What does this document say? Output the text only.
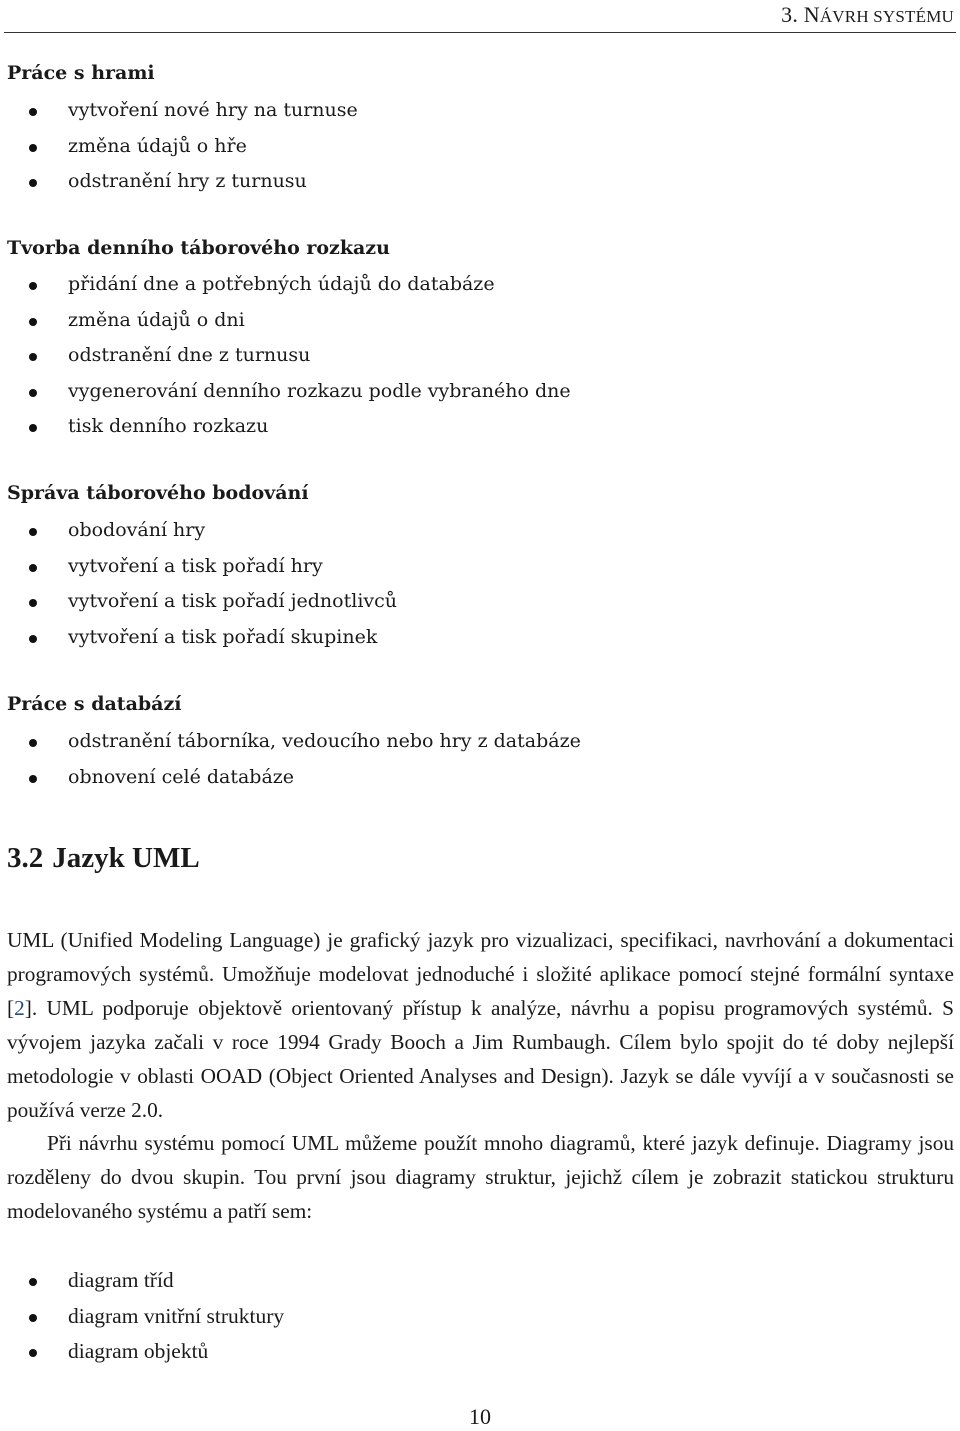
3. NÁVRH SYSTÉMU
Práce s hrami
vytvoření nové hry na turnuse
změna údajů o hře
odstranění hry z turnusu
Tvorba denního táborového rozkazu
přidání dne a potřebných údajů do databáze
změna údajů o dni
odstranění dne z turnusu
vygenerování denního rozkazu podle vybraného dne
tisk denního rozkazu
Správa táborového bodování
obodování hry
vytvoření a tisk pořadí hry
vytvoření a tisk pořadí jednotlivců
vytvoření a tisk pořadí skupinek
Práce s databází
odstranění táborníka, vedoucího nebo hry z databáze
obnovení celé databáze
3.2 Jazyk UML
UML (Unified Modeling Language) je grafický jazyk pro vizualizaci, specifikaci, navrhování a dokumentaci programových systémů. Umožňuje modelovat jednoduché i složité aplikace pomocí stejné formální syntaxe [2]. UML podporuje objektově orientovaný přístup k analýze, návrhu a popisu programových systémů. S vývojem jazyka začali v roce 1994 Grady Booch a Jim Rumbaugh. Cílem bylo spojit do té doby nejlepší metodologie v oblasti OOAD (Object Oriented Analyses and Design). Jazyk se dále vyvíjí a v současnosti se používá verze 2.0.
Při návrhu systému pomocí UML můžeme použít mnoho diagramů, které jazyk definuje. Diagramy jsou rozděleny do dvou skupin. Tou první jsou diagramy struktur, jejichž cílem je zobrazit statickou strukturu modelovaného systému a patří sem:
diagram tříd
diagram vnitřní struktury
diagram objektů
10
